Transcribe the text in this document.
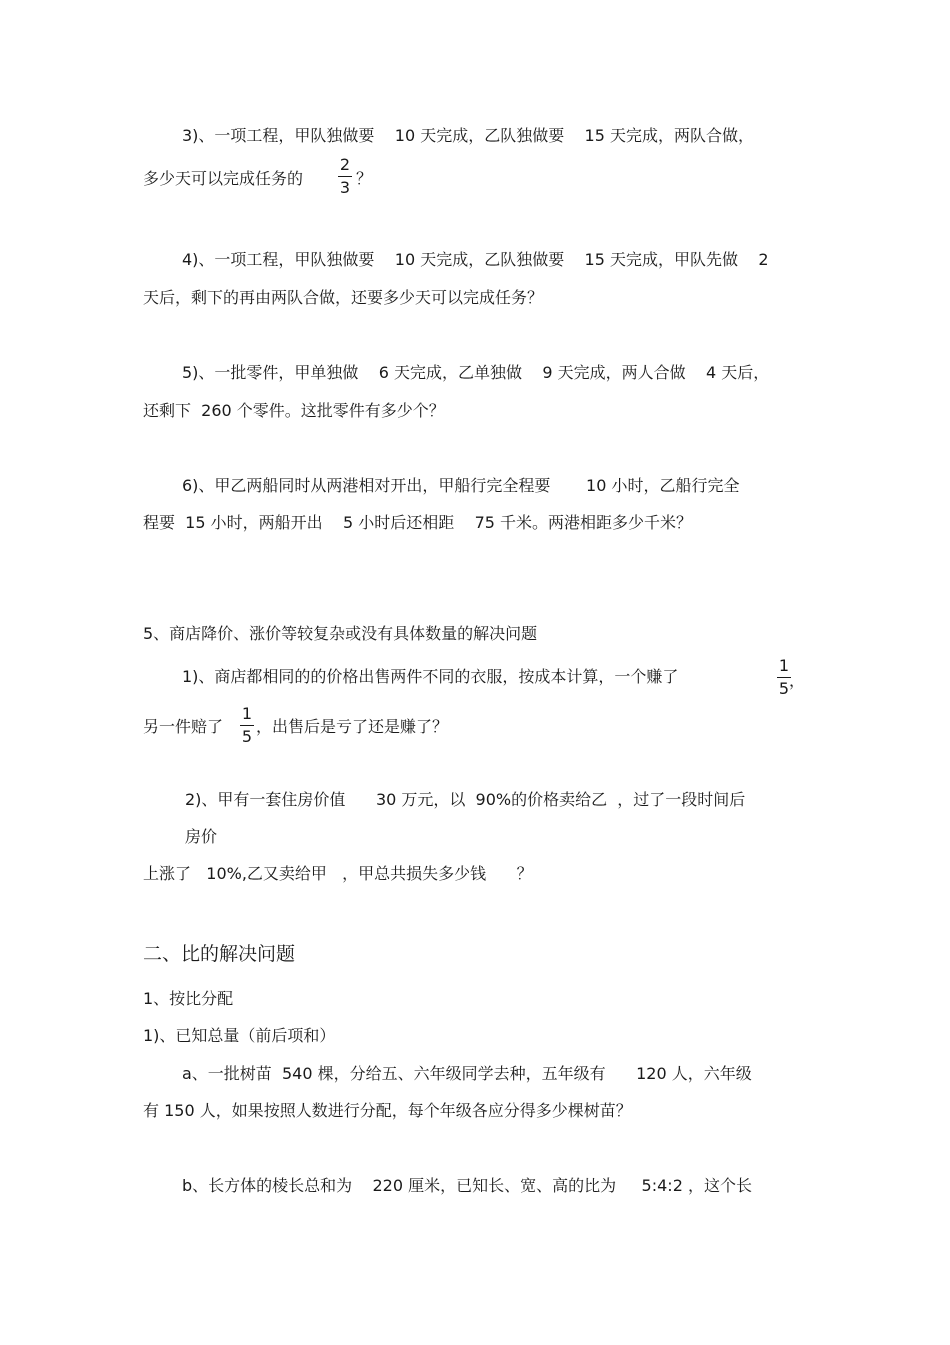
3)、一项工程，甲队独做要    10 天完成，乙队独做要    15 天完成，两队合做，
多少天可以完成任务的
2
3 ？
4)、一项工程，甲队独做要    10 天完成，乙队独做要    15 天完成，甲队先做    2
天后，剩下的再由两队合做，还要多少天可以完成任务？
5)、一批零件，甲单独做    6 天完成，乙单独做    9 天完成，两人合做    4 天后，
还剩下  260 个零件。这批零件有多少个？
6)、甲乙两船同时从两港相对开出，甲船行完全程要       10 小时，乙船行完全
程要  15 小时，两船开出    5 小时后还相距    75 千米。两港相距多少千米？
5、商店降价、涨价等较复杂或没有具体数量的解决问题
1)、商店都相同的的价格出售两件不同的衣服，按成本计算，一个赚了
1
5 ，
另一件赔了
1
5
，出售后是亏了还是赚了？
2)、甲有一套住房价值      30 万元，以  90%的价格卖给乙  ，过了一段时间后
房价
上涨了   10%,乙又卖给甲   ，甲总共损失多少钱      ？
二、比的解决问题
1、按比分配
1)、已知总量（前后项和）
a、一批树苗  540 棵，分给五、六年级同学去种，五年级有      120 人，六年级
有 150 人，如果按照人数进行分配，每个年级各应分得多少棵树苗？
b、长方体的棱长总和为    220 厘米，已知长、宽、高的比为     5:4:2 ，这个长
